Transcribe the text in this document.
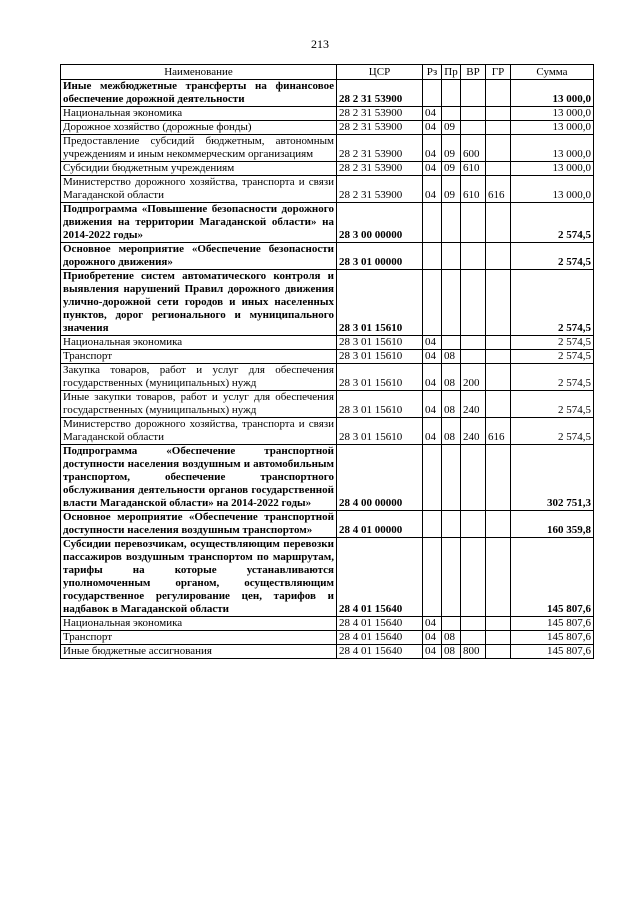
213
Наименование	ЦСР	Рз	Пр	ВР	ГР	Сумма
Иные межбюджетные трансферты на финансовое обеспечение дорожной деятельности	28 2 31 53900					13 000,0
Национальная экономика	28 2 31 53900	04				13 000,0
Дорожное хозяйство (дорожные фонды)	28 2 31 53900	04	09			13 000,0
Предоставление субсидий бюджетным, автономным учреждениям и иным некоммерческим организациям	28 2 31 53900	04	09	600		13 000,0
Субсидии бюджетным учреждениям	28 2 31 53900	04	09	610		13 000,0
Министерство дорожного хозяйства, транспорта и связи Магаданской области	28 2 31 53900	04	09	610	616	13 000,0
Подпрограмма «Повышение безопасности дорожного движения на территории Магаданской области» на 2014-2022 годы»	28 3 00 00000					2 574,5
Основное мероприятие «Обеспечение безопасности дорожного движения»	28 3 01 00000					2 574,5
Приобретение систем автоматического контроля и выявления нарушений Правил дорожного движения улично-дорожной сети городов и иных населенных пунктов, дорог регионального и муниципального значения	28 3 01 15610					2 574,5
Национальная экономика	28 3 01 15610	04				2 574,5
Транспорт	28 3 01 15610	04	08			2 574,5
Закупка товаров, работ и услуг для обеспечения государственных (муниципальных) нужд	28 3 01 15610	04	08	200		2 574,5
Иные закупки товаров, работ и услуг для обеспечения государственных (муниципальных) нужд	28 3 01 15610	04	08	240		2 574,5
Министерство дорожного хозяйства, транспорта и связи Магаданской области	28 3 01 15610	04	08	240	616	2 574,5
Подпрограмма «Обеспечение транспортной доступности населения воздушным и автомобильным транспортом, обеспечение транспортного обслуживания деятельности органов государственной власти Магаданской области» на 2014-2022 годы»	28 4 00 00000					302 751,3
Основное мероприятие «Обеспечение транспортной доступности населения воздушным транспортом»	28 4 01 00000					160 359,8
Субсидии перевозчикам, осуществляющим перевозки пассажиров воздушным транспортом по маршрутам, тарифы на которые устанавливаются уполномоченным органом, осуществляющим государственное регулирование цен, тарифов и надбавок в Магаданской области	28 4 01 15640					145 807,6
Национальная экономика	28 4 01 15640	04				145 807,6
Транспорт	28 4 01 15640	04	08			145 807,6
Иные бюджетные ассигнования	28 4 01 15640	04	08	800		145 807,6
